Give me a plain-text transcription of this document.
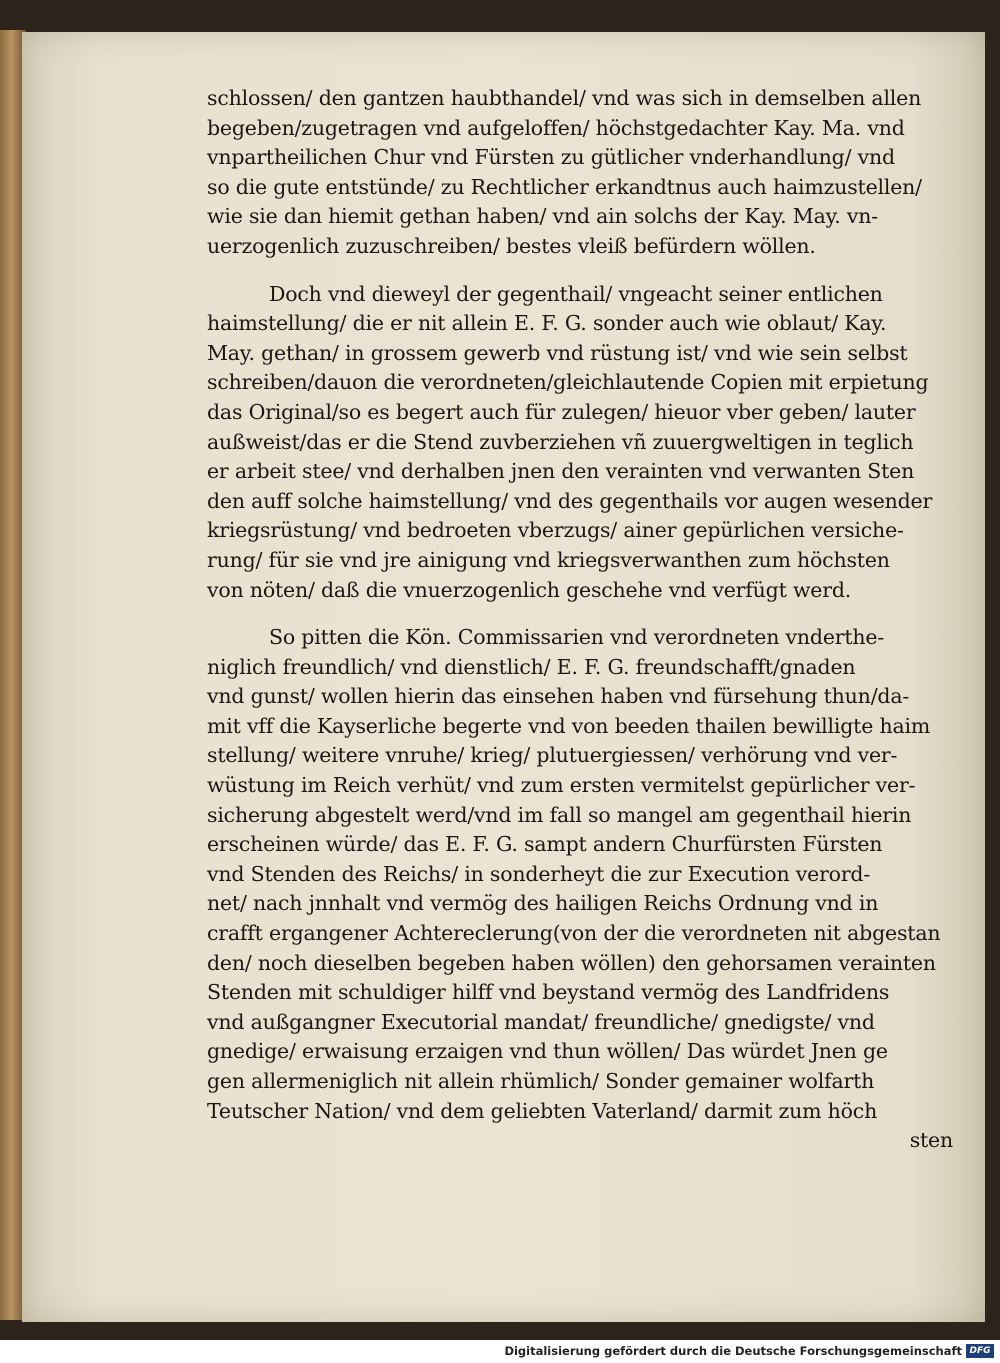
schlossen/ den gantzen haubthandel/ vnd was sich in demselben allen
begeben/zugetragen vnd aufgeloffen/ höchstgedachter Kay. Ma. vnd
vnpartheilichen Chur vnd Fürsten zu gütlicher vnderhandlung/ vnd
so die gute entstünde/ zu Rechtlicher erkandtnus auch haimzustellen/
wie sie dan hiemit gethan haben/ vnd ain solchs der Kay. May. vn-
uerzogenlich zuzuschreiben/ bestes vleiß befürdern wöllen.
Doch vnd dieweyl der gegenthail/ vngeacht seiner entlichen
haimstellung/ die er nit allein E. F. G. sonder auch wie oblaut/ Kay.
May. gethan/ in grossem gewerb vnd rüstung ist/ vnd wie sein selbst
schreiben/dauon die verordneten/gleichlautende Copien mit erpietung
das Original/so es begert auch für zulegen/ hieuor vber geben/ lauter
außweist/das er die Stend zuvberziehen vñ zuuergweltigen in teglich
er arbeit stee/ vnd derhalben jnen den verainten vnd verwanten Sten
den auff solche haimstellung/ vnd des gegenthails vor augen wesender
kriegsrüstung/ vnd bedroeten vberzugs/ ainer gepürlichen versiche-
rung/ für sie vnd jre ainigung vnd kriegsverwanthen zum höchsten
von nöten/ daß die vnuerzogenlich geschehe vnd verfügt werd.
So pitten die Kön. Commissarien vnd verordneten vnderthe-
niglich freundlich/ vnd dienstlich/ E. F. G. freundschafft/gnaden
vnd gunst/ wollen hierin das einsehen haben vnd fürsehung thun/da-
mit vff die Kayserliche begerte vnd von beeden thailen bewilligte haim
stellung/ weitere vnruhe/ krieg/ plutuergiessen/ verhörung vnd ver-
wüstung im Reich verhüt/ vnd zum ersten vermitelst gepürlicher ver-
sicherung abgestelt werd/vnd im fall so mangel am gegenthail hierin
erscheinen würde/ das E. F. G. sampt andern Churfürsten Fürsten
vnd Stenden des Reichs/ in sonderheyt die zur Execution verord-
net/ nach jnnhalt vnd vermög des hailigen Reichs Ordnung vnd in
crafft ergangener Achtereclerung(von der die verordneten nit abgestan
den/ noch dieselben begeben haben wöllen) den gehorsamen verainten
Stenden mit schuldiger hilff vnd beystand vermög des Landfridens
vnd außgangner Executorial mandat/ freundliche/ gnedigste/ vnd
gnedige/ erwaisung erzaigen vnd thun wöllen/ Das würdet Jnen ge
gen allermeniglich nit allein rhümlich/ Sonder gemainer wolfarth
Teutscher Nation/ vnd dem geliebten Vaterland/ darmit zum höch
sten
Digitalisierung gefördert durch die Deutsche Forschungsgemeinschaft DFG
